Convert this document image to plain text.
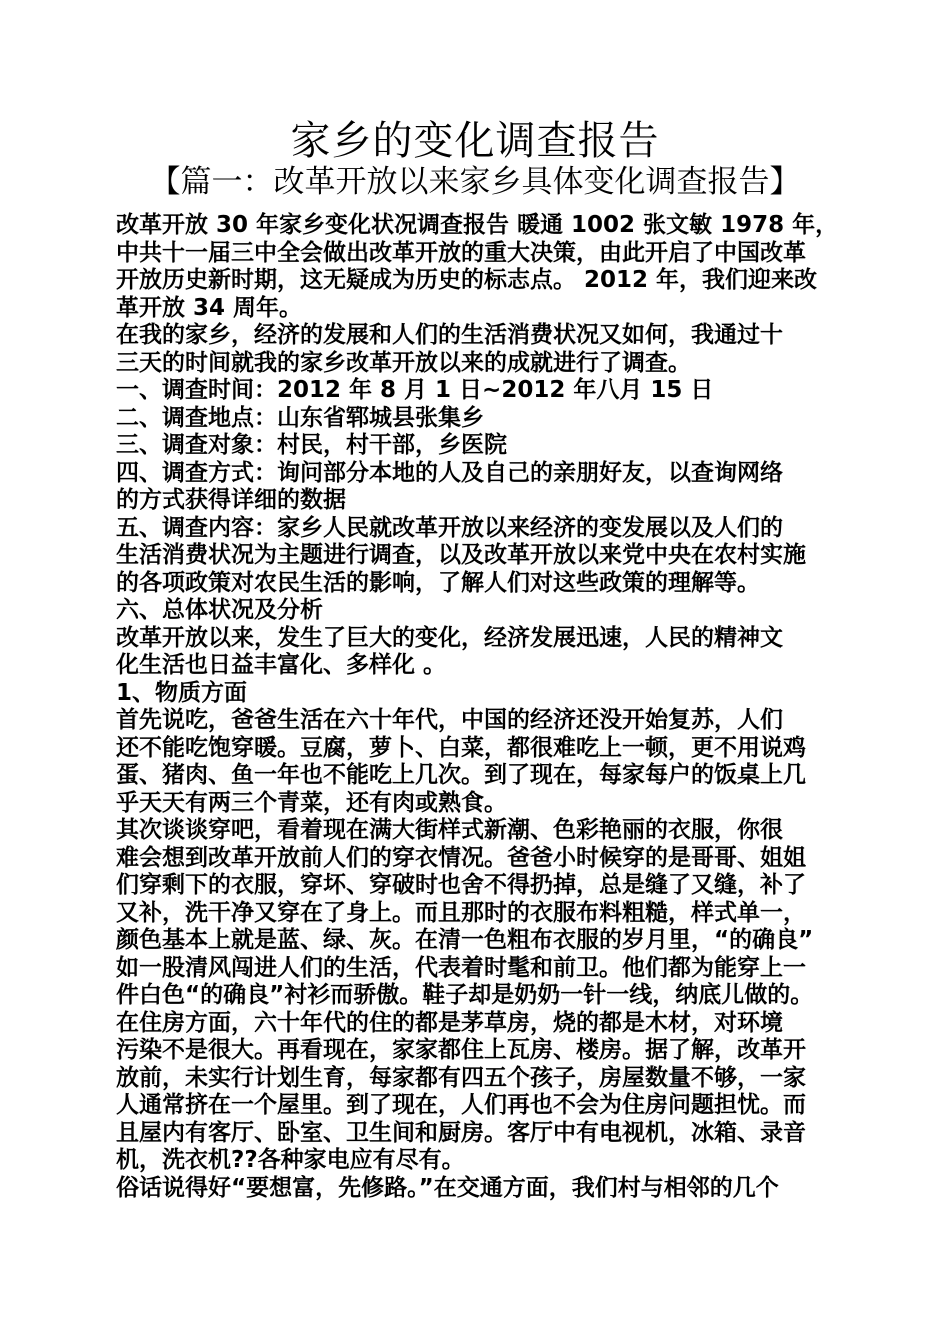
家乡的变化调查报告
【篇一：改革开放以来家乡具体变化调查报告】

改革开放 30 年家乡变化状况调查报告 暖通 1002 张文敏 1978 年，

中共十一届三中全会做出改革开放的重大决策，由此开启了中国改革

开放历史新时期，这无疑成为历史的标志点。 2012 年，我们迎来改

革开放 34 周年。

在我的家乡，经济的发展和人们的生活消费状况又如何，我通过十

三天的时间就我的家乡改革开放以来的成就进行了调查。

一、调查时间：2012 年 8 月 1 日~2012 年八月 15 日

二、调查地点：山东省郓城县张集乡

三、调查对象：村民，村干部，乡医院

四、调查方式：询问部分本地的人及自己的亲朋好友，以查询网络

的方式获得详细的数据

五、调查内容：家乡人民就改革开放以来经济的变发展以及人们的

生活消费状况为主题进行调查，以及改革开放以来党中央在农村实施

的各项政策对农民生活的影响，了解人们对这些政策的理解等。

六、总体状况及分析

改革开放以来，发生了巨大的变化，经济发展迅速，人民的精神文

化生活也日益丰富化、多样化 。

1、物质方面

首先说吃，爸爸生活在六十年代，中国的经济还没开始复苏，人们

还不能吃饱穿暖。豆腐，萝卜、白菜，都很难吃上一顿，更不用说鸡

蛋、猪肉、鱼一年也不能吃上几次。到了现在，每家每户的饭桌上几

乎天天有两三个青菜，还有肉或熟食。

其次谈谈穿吧，看着现在满大街样式新潮、色彩艳丽的衣服，你很

难会想到改革开放前人们的穿衣情况。爸爸小时候穿的是哥哥、姐姐

们穿剩下的衣服，穿坏、穿破时也舍不得扔掉，总是缝了又缝，补了

又补，洗干净又穿在了身上。而且那时的衣服布料粗糙，样式单一，

颜色基本上就是蓝、绿、灰。在清一色粗布衣服的岁月里，“的确良”

如一股清风闯进人们的生活，代表着时髦和前卫。他们都为能穿上一

件白色“的确良”衬衫而骄傲。鞋子却是奶奶一针一线，纳底儿做的。

在住房方面，六十年代的住的都是茅草房，烧的都是木材，对环境

污染不是很大。再看现在，家家都住上瓦房、楼房。据了解，改革开

放前，未实行计划生育，每家都有四五个孩子，房屋数量不够，一家

人通常挤在一个屋里。到了现在，人们再也不会为住房问题担忧。而

且屋内有客厅、卧室、卫生间和厨房。客厅中有电视机，冰箱、录音

机，洗衣机??各种家电应有尽有。

俗话说得好“要想富，先修路。”在交通方面，我们村与相邻的几个
